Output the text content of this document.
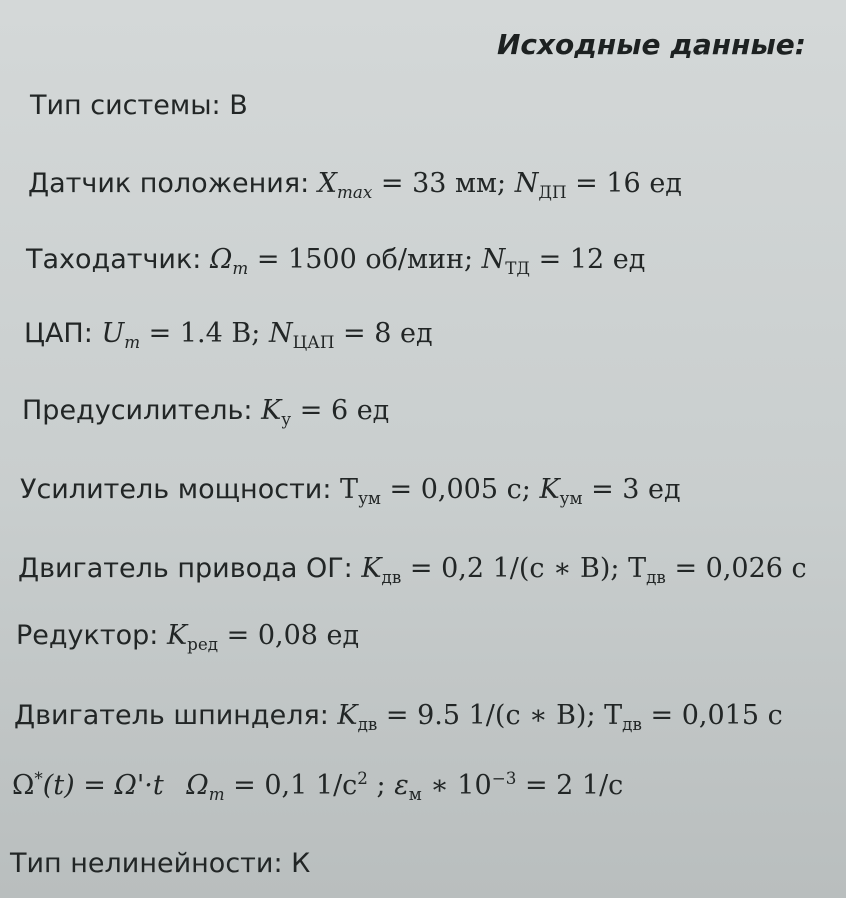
Исходные данные:
Тип системы: В
Датчик положения: $X_{max} = 33$ мм; $N_{ДП} = 16$ ед
Таходатчик: $\Omega_m = 1500$ об/мин; $N_{ТД} = 12$ ед
ЦАП: $U_m = 1.4$ В; $N_{ЦАП} = 8$ ед
Предусилитель: $K_у = 6$ ед
Усилитель мощности: $T_{ум} = 0,005$ с; $K_{ум} = 3$ ед
Двигатель привода ОГ: $K_{дв} = 0,2$ 1/(с ∗ В); $T_{дв} = 0,026$ с
Редуктор: $K_{ред} = 0,08$ ед
Двигатель шпинделя: $K_{дв} = 9.5$ 1/(с ∗ В); $T_{дв} = 0,015$ с
Ω*(t) = Ω'·t $\Omega_m = 0,1$ $1/c^2$ ; $\varepsilon_м$ ∗ $10^{-3} = 2$ 1/c
Тип нелинейности: К
